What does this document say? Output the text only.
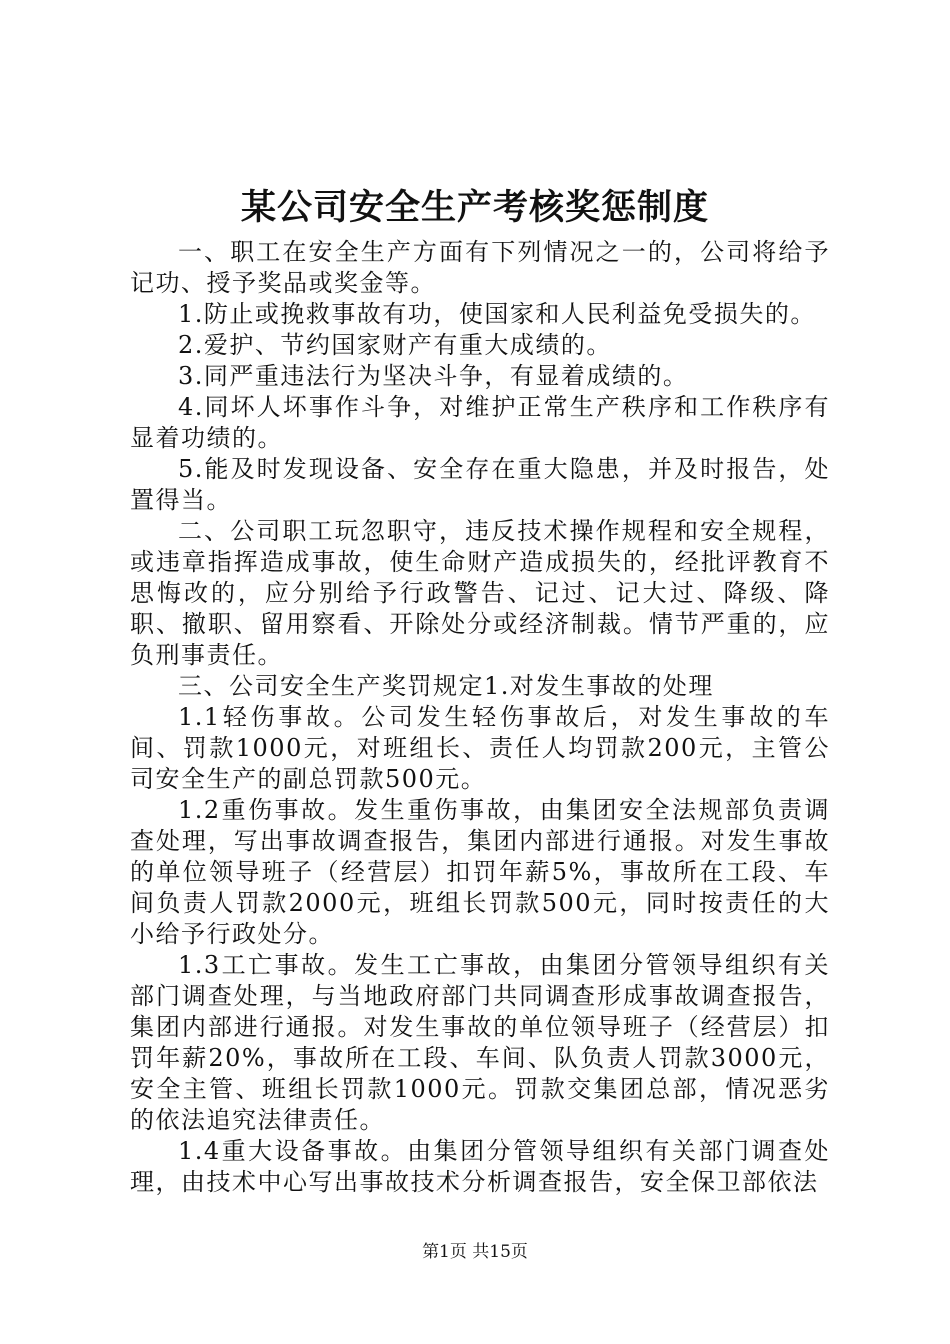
某公司安全生产考核奖惩制度

一、职工在安全生产方面有下列情况之一的，公司将给予记功、授予奖品或奖金等。

1.防止或挽救事故有功，使国家和人民利益免受损失的。

2.爱护、节约国家财产有重大成绩的。

3.同严重违法行为坚决斗争，有显着成绩的。

4.同坏人坏事作斗争，对维护正常生产秩序和工作秩序有显着功绩的。

5.能及时发现设备、安全存在重大隐患，并及时报告，处置得当。

二、公司职工玩忽职守，违反技术操作规程和安全规程，或违章指挥造成事故，使生命财产造成损失的，经批评教育不思悔改的，应分别给予行政警告、记过、记大过、降级、降职、撤职、留用察看、开除处分或经济制裁。情节严重的，应负刑事责任。

三、公司安全生产奖罚规定1.对发生事故的处理

1.1轻伤事故。公司发生轻伤事故后，对发生事故的车间、罚款1000元，对班组长、责任人均罚款200元，主管公司安全生产的副总罚款500元。

1.2重伤事故。发生重伤事故，由集团安全法规部负责调查处理，写出事故调查报告，集团内部进行通报。对发生事故的单位领导班子（经营层）扣罚年薪5%，事故所在工段、车间负责人罚款2000元，班组长罚款500元，同时按责任的大小给予行政处分。

1.3工亡事故。发生工亡事故，由集团分管领导组织有关部门调查处理，与当地政府部门共同调查形成事故调查报告，集团内部进行通报。对发生事故的单位领导班子（经营层）扣罚年薪20%，事故所在工段、车间、队负责人罚款3000元，安全主管、班组长罚款1000元。罚款交集团总部，情况恶劣的依法追究法律责任。

1.4重大设备事故。由集团分管领导组织有关部门调查处理，由技术中心写出事故技术分析调查报告，安全保卫部依法

第1页 共15页
